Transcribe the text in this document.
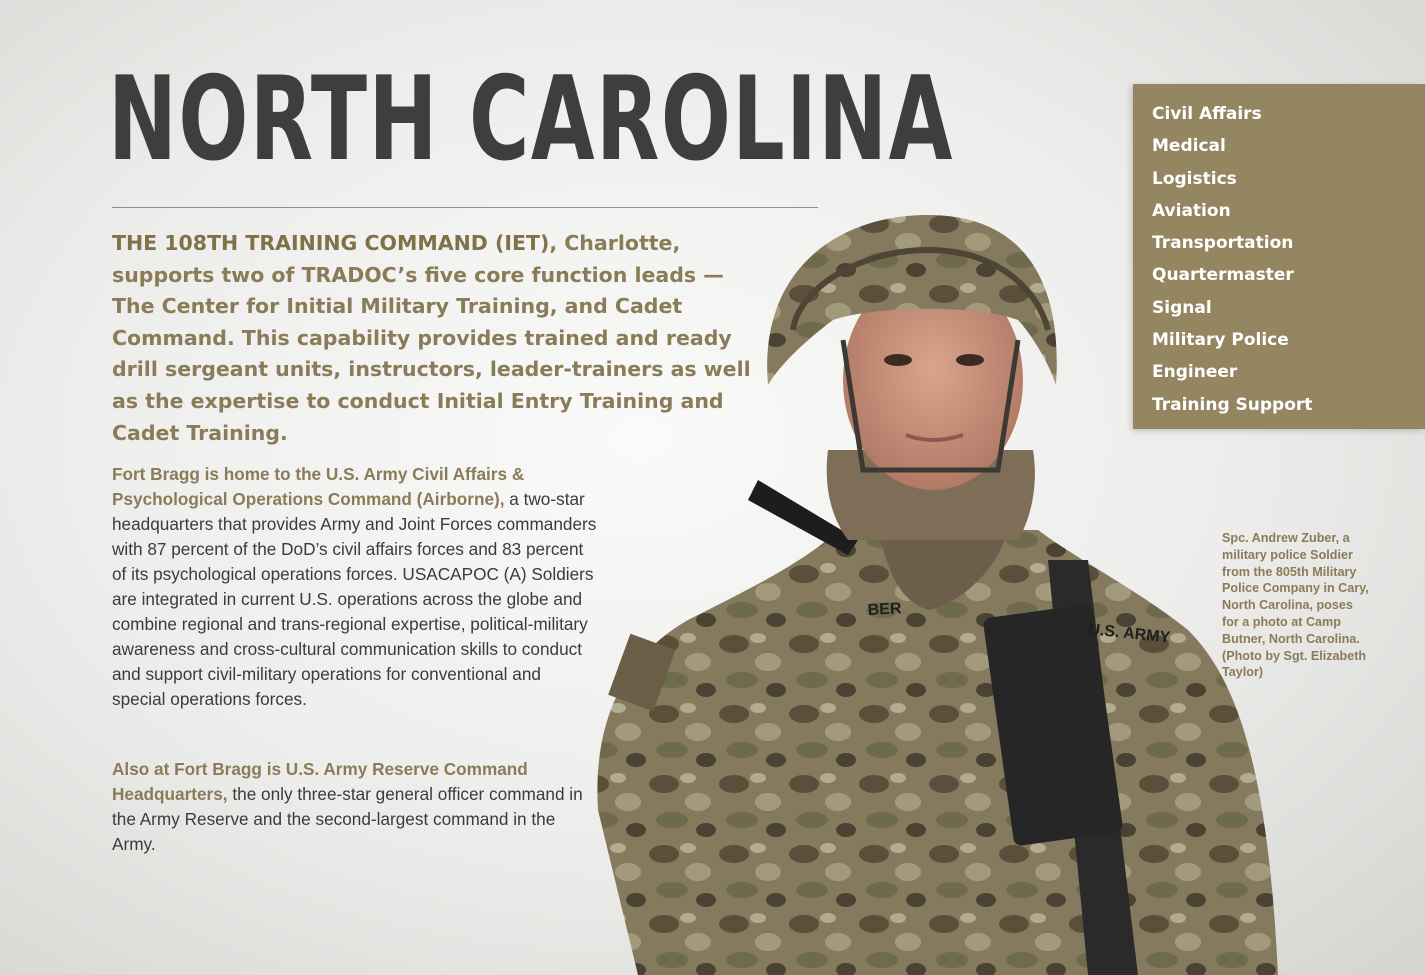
NORTH CAROLINA

THE 108TH TRAINING COMMAND (IET), Charlotte, supports two of TRADOC’s five core function leads — The Center for Initial Military Training, and Cadet Command. This capability provides trained and ready drill sergeant units, instructors, leader-trainers as well as the expertise to conduct Initial Entry Training and Cadet Training.

Fort Bragg is home to the U.S. Army Civil Affairs & Psychological Operations Command (Airborne), a two-star headquarters that provides Army and Joint Forces commanders with 87 percent of the DoD’s civil affairs forces and 83 percent of its psychological operations forces. USACAPOC (A) Soldiers are integrated in current U.S. operations across the globe and combine regional and trans-regional expertise, political-military awareness and cross-cultural communication skills to conduct and support civil-military operations for conventional and special operations forces.

Also at Fort Bragg is U.S. Army Reserve Command Headquarters, the only three-star general officer command in the Army Reserve and the second-largest command in the Army.

Civil Affairs
Medical
Logistics
Aviation
Transportation
Quartermaster
Signal
Military Police
Engineer
Training Support
U.S. ARMY
BER

Spc. Andrew Zuber, a military police Soldier from the 805th Military Police Company in Cary, North Carolina, poses for a photo at Camp Butner, North Carolina. (Photo by Sgt. Elizabeth Taylor)
